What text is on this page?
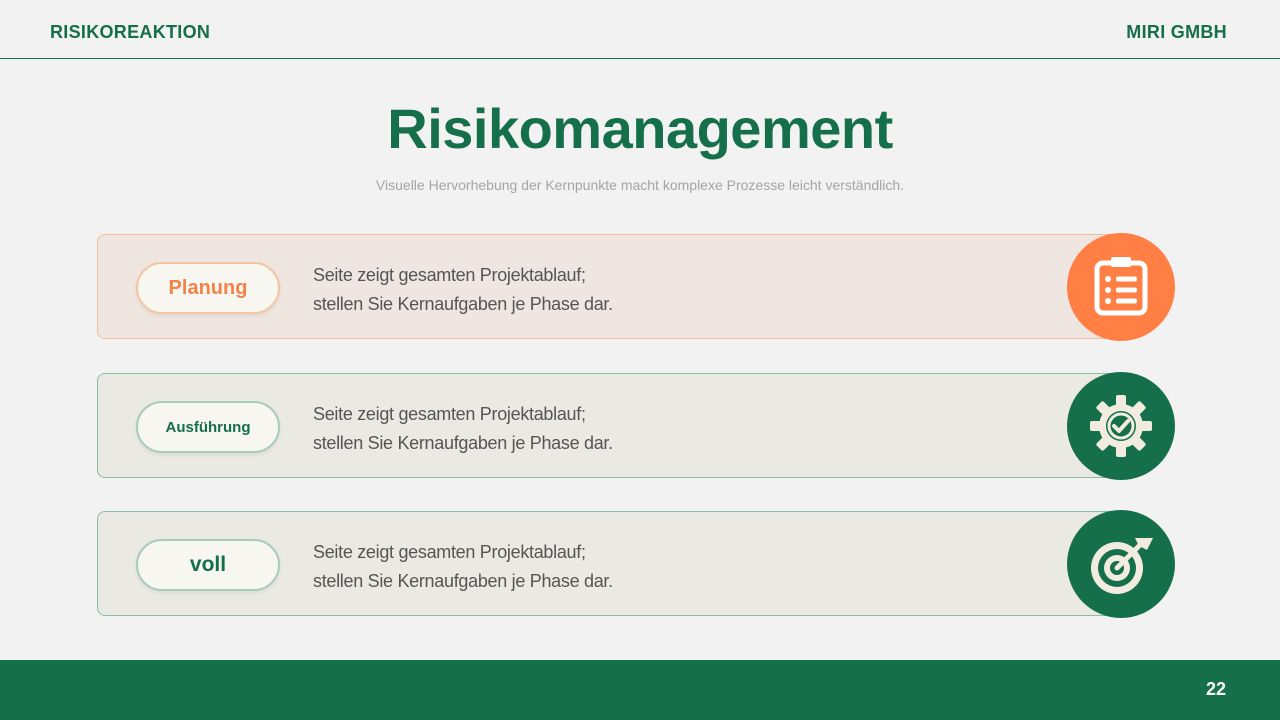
RISIKOREAKTION	MIRI GMBH
Risikomanagement
Visuelle Hervorhebung der Kernpunkte macht komplexe Prozesse leicht verständlich.
Planung
Seite zeigt gesamten Projektablauf;
stellen Sie Kernaufgaben je Phase dar.
Ausführung
Seite zeigt gesamten Projektablauf;
stellen Sie Kernaufgaben je Phase dar.
voll
Seite zeigt gesamten Projektablauf;
stellen Sie Kernaufgaben je Phase dar.
22
